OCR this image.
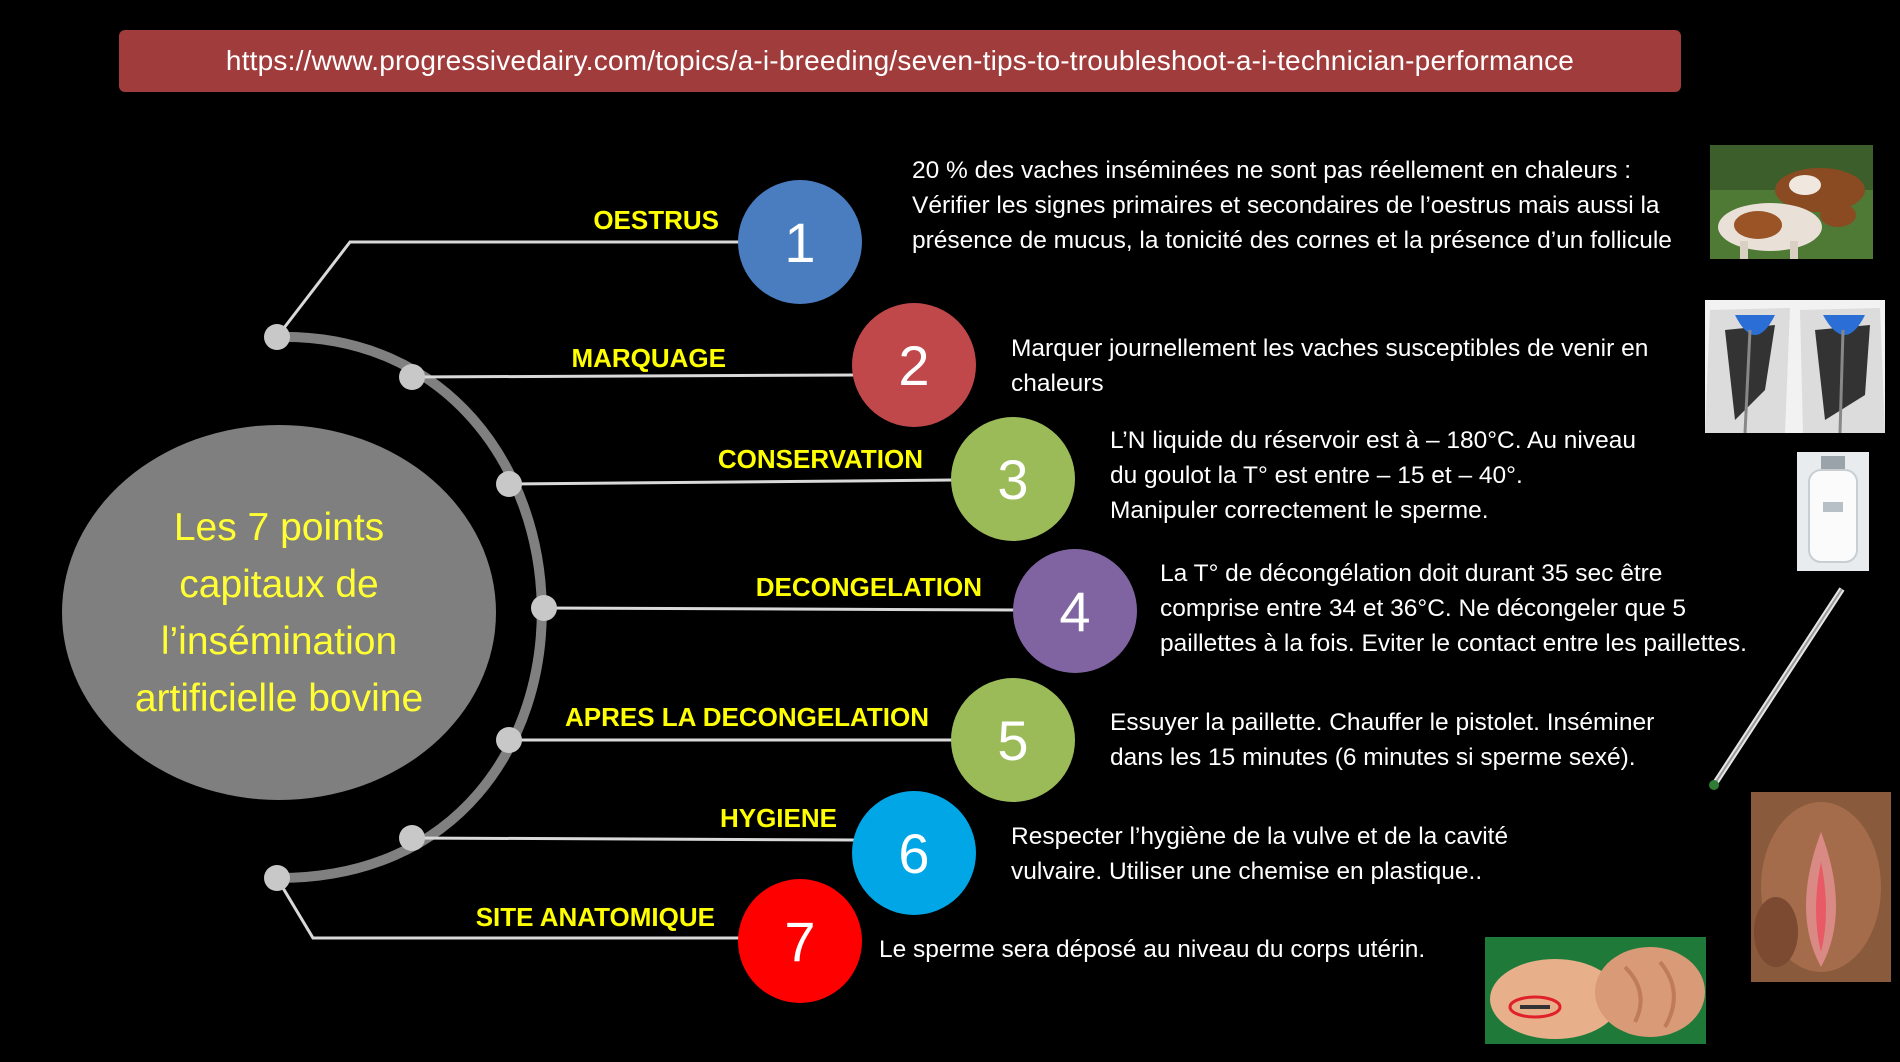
https://www.progressivedairy.com/topics/a-i-breeding/seven-tips-to-troubleshoot-a-i-technician-performance
Les 7 points capitaux de l’insémination artificielle bovine
OESTRUS 1
20 % des vaches inséminées ne sont pas réellement en chaleurs :
Vérifier les signes primaires et secondaires de l’oestrus mais aussi la
présence de mucus, la tonicité des cornes et la présence d’un follicule
MARQUAGE	2	Marquer journellement les vaches susceptibles de venir en
chaleurs
CONSERVATION 3
L’N liquide du réservoir est à – 180°C. Au niveau
du goulot la T° est entre – 15 et – 40°.
Manipuler correctement le sperme.
DECONGELATION 4
La T° de décongélation doit durant 35 sec être
comprise entre 34 et 36°C. Ne décongeler que 5
paillettes à la fois. Eviter le contact entre les paillettes.
APRES LA DECONGELATION 5	Essuyer la paillette. Chauffer le pistolet. Inséminer
dans les 15 minutes (6 minutes si sperme sexé).
HYGIENE
6	Respecter l’hygiène de la vulve et de la cavité
vulvaire. Utiliser une chemise en plastique..
SITE ANATOMIQUE 7	Le sperme sera déposé au niveau du corps utérin.
